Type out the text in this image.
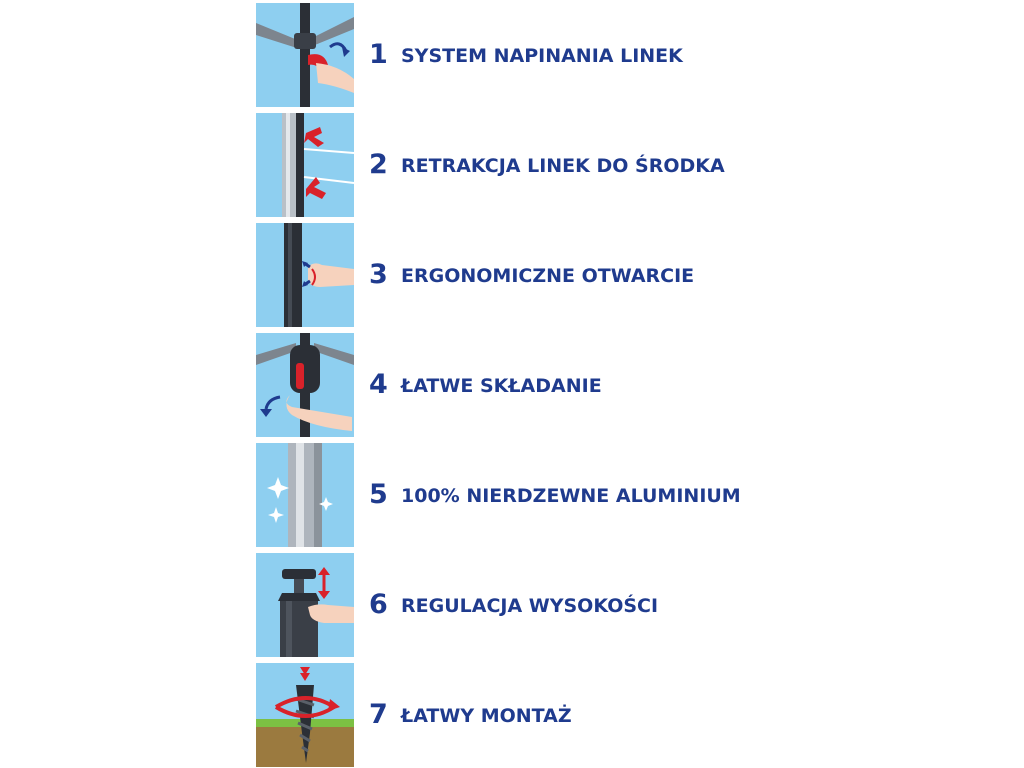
1 SYSTEM NAPINANIA LINEK
2 RETRAKCJA LINEK DO ŚRODKA
3 ERGONOMICZNE OTWARCIE
4 ŁATWE SKŁADANIE
5 100% NIERDZEWNE ALUMINIUM
6 REGULACJA WYSOKOŚCI
7 ŁATWY MONTAŻ
